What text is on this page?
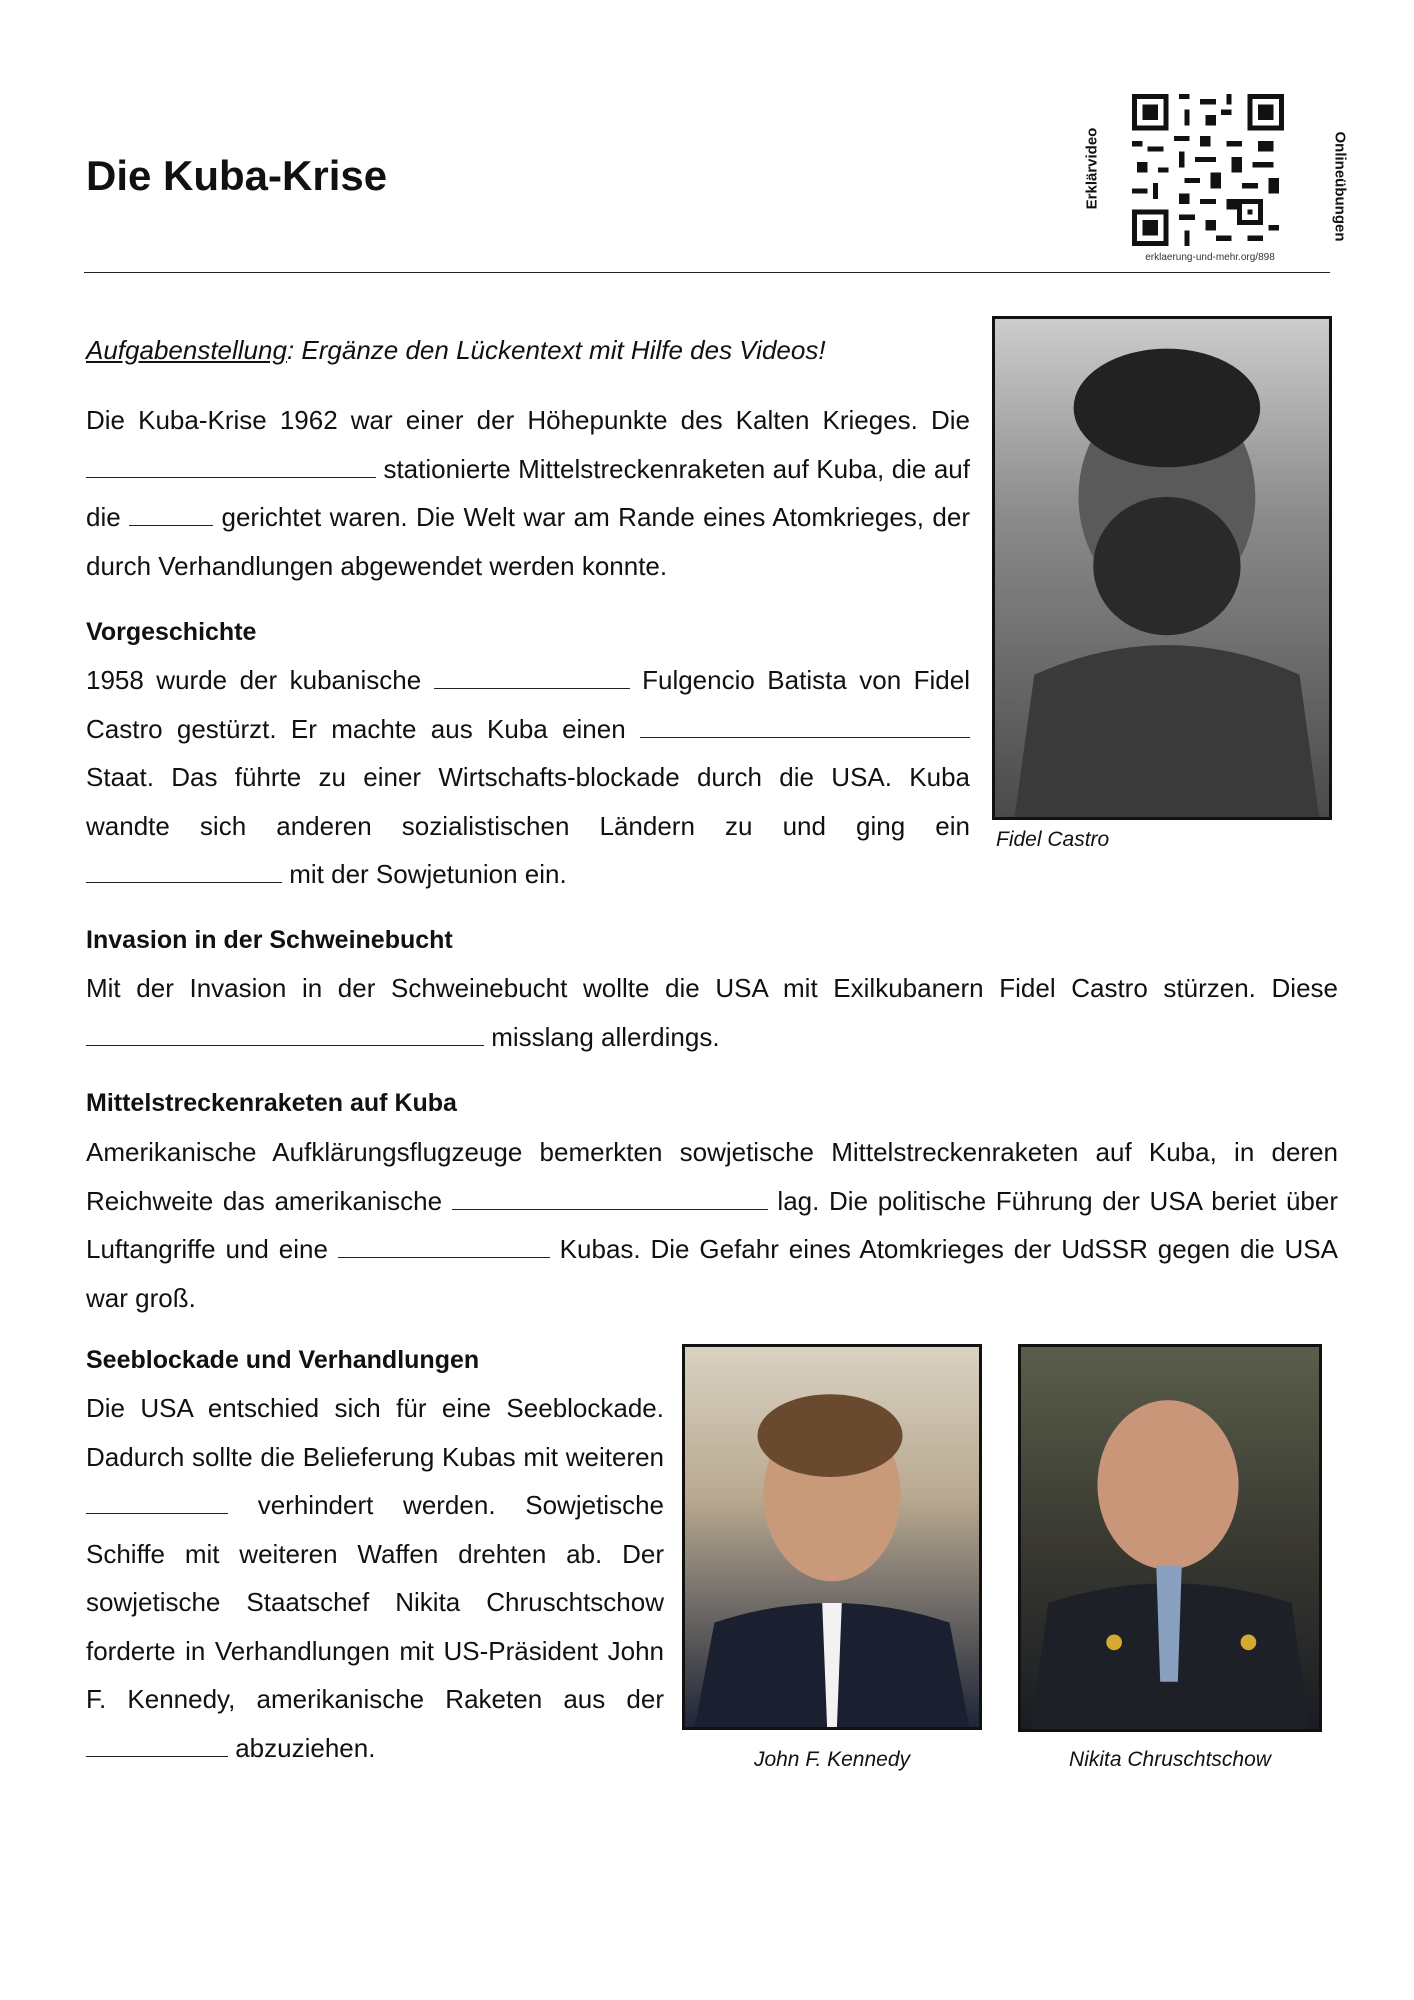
Die Kuba-Krise	Erklärvideo	Onlineübungen
erklaerung-und-mehr.org/898

Aufgabenstellung: Ergänze den Lückentext mit Hilfe des Videos!

Die Kuba-Krise 1962 war einer der Höhepunkte des Kalten Krieges. Die  stationierte Mittelstreckenraketen auf Kuba, die auf die	gerichtet waren. Die Welt war am Rande eines Atomkrieges, der durch Verhandlungen abgewendet werden konnte.
Vorgeschichte
1958 wurde der kubanische	Fulgencio Batista von Fidel Castro gestürzt. Er machte aus Kuba einen  Staat. Das führte zu einer Wirtschafts-blockade durch die USA. Kuba wandte sich anderen sozialistischen Ländern zu und ging ein  mit der Sowjetunion ein.
Fidel Castro
Invasion in der Schweinebucht
Mit der Invasion in der Schweinebucht wollte die USA mit Exilkubanern Fidel Castro stürzen. Diese  misslang allerdings.
Mittelstreckenraketen auf Kuba
Amerikanische Aufklärungsflugzeuge bemerkten sowjetische Mittelstreckenraketen auf Kuba, in deren Reichweite das amerikanische	lag. Die politische Führung der USA beriet über Luftangriffe und eine	Kubas. Die Gefahr eines Atomkrieges der UdSSR gegen die USA war groß.
Seeblockade und Verhandlungen
Die USA entschied sich für eine Seeblockade. Dadurch sollte die Belieferung Kubas mit weiteren  verhindert werden. Sowjetische Schiffe mit weiteren Waffen drehten ab. Der sowjetische Staatschef Nikita Chruschtschow forderte in Verhandlungen mit US-Präsident John F. Kennedy, amerikanische Raketen aus der  abzuziehen.	John F. Kennedy	Nikita Chruschtschow
